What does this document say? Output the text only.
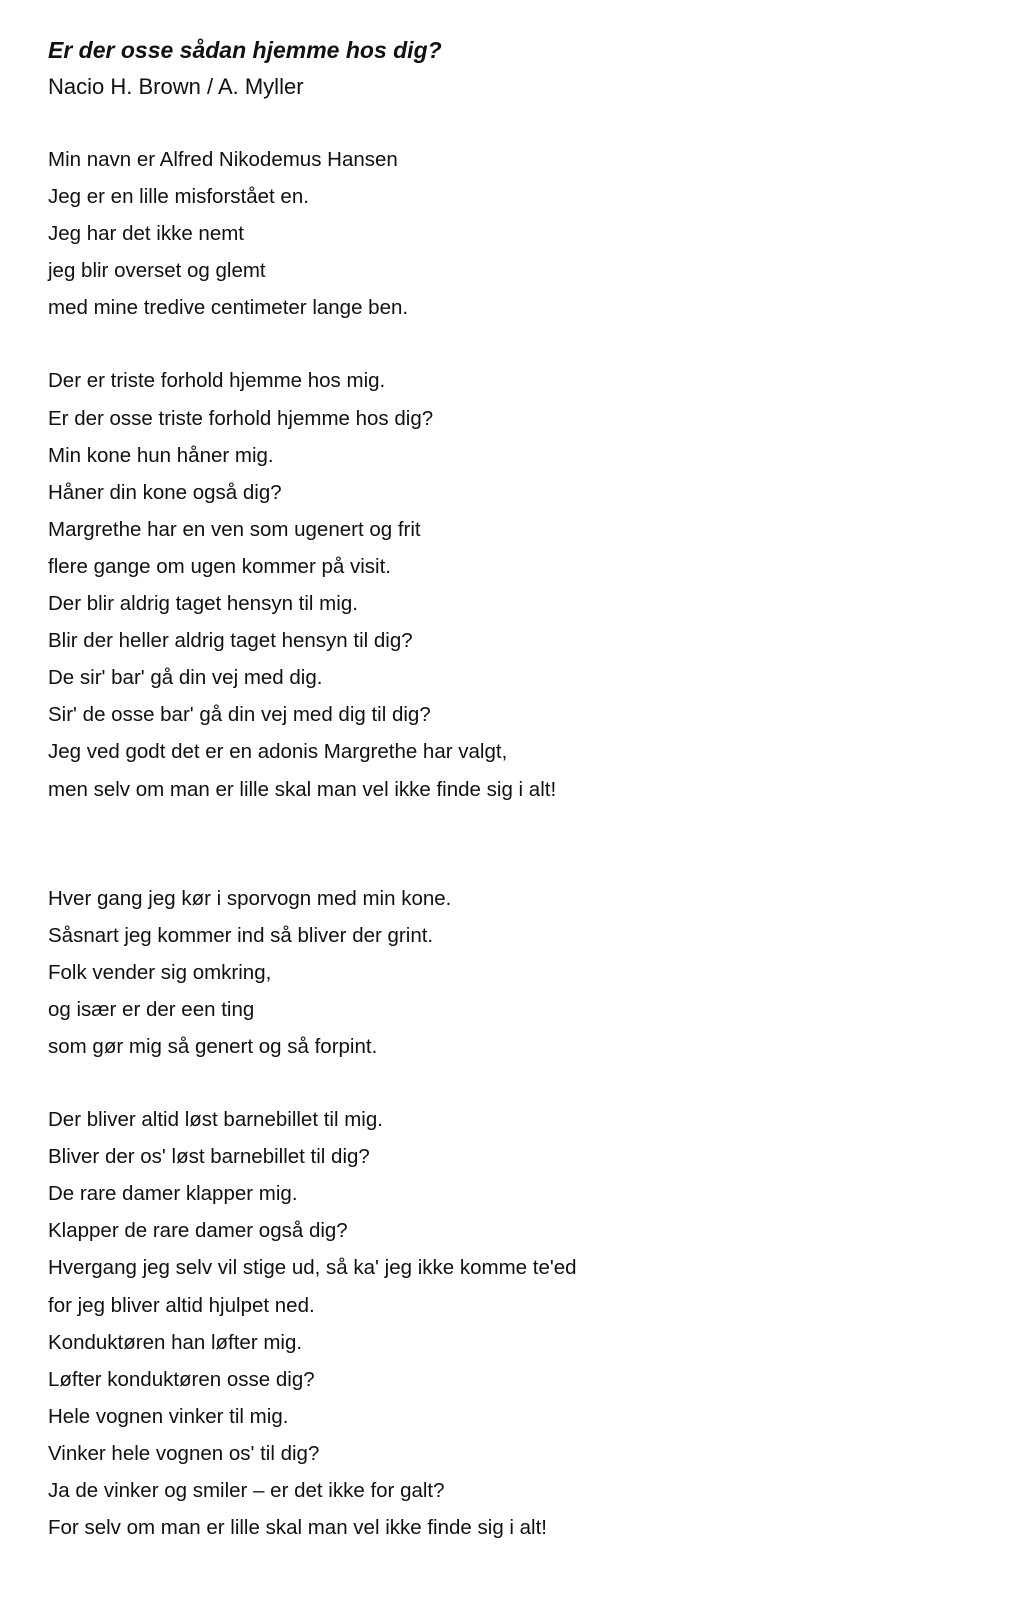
Er der osse sådan hjemme hos dig?
Nacio H. Brown / A. Myller
Min navn er Alfred Nikodemus Hansen
Jeg er en lille misforstået en.
Jeg har det ikke nemt
jeg blir overset og glemt
med mine tredive centimeter lange ben.
Der er triste forhold hjemme hos mig.
Er der osse triste forhold hjemme hos dig?
Min kone hun håner mig.
Håner din kone også dig?
Margrethe har en ven som ugenert og frit
flere gange om ugen kommer på visit.
Der blir aldrig taget hensyn til mig.
Blir der heller aldrig taget hensyn til dig?
De sir' bar' gå din vej med dig.
Sir' de osse bar' gå din vej med dig til dig?
Jeg ved godt det er en adonis Margrethe har valgt,
men selv om man er lille skal man vel ikke finde sig i alt!
Hver gang jeg kør i sporvogn med min kone.
Såsnart jeg kommer ind så bliver der grint.
Folk vender sig omkring,
og især er der een ting
som gør mig så genert og så forpint.
Der bliver altid løst barnebillet til mig.
Bliver der os' løst barnebillet til dig?
De rare damer klapper mig.
Klapper de rare damer også dig?
Hvergang jeg selv vil stige ud, så ka' jeg ikke komme te'ed
for jeg bliver altid hjulpet ned.
Konduktøren han løfter mig.
Løfter konduktøren osse dig?
Hele vognen vinker til mig.
Vinker hele vognen os' til dig?
Ja de vinker og smiler – er det ikke for galt?
For selv om man er lille skal man vel ikke finde sig i alt!
